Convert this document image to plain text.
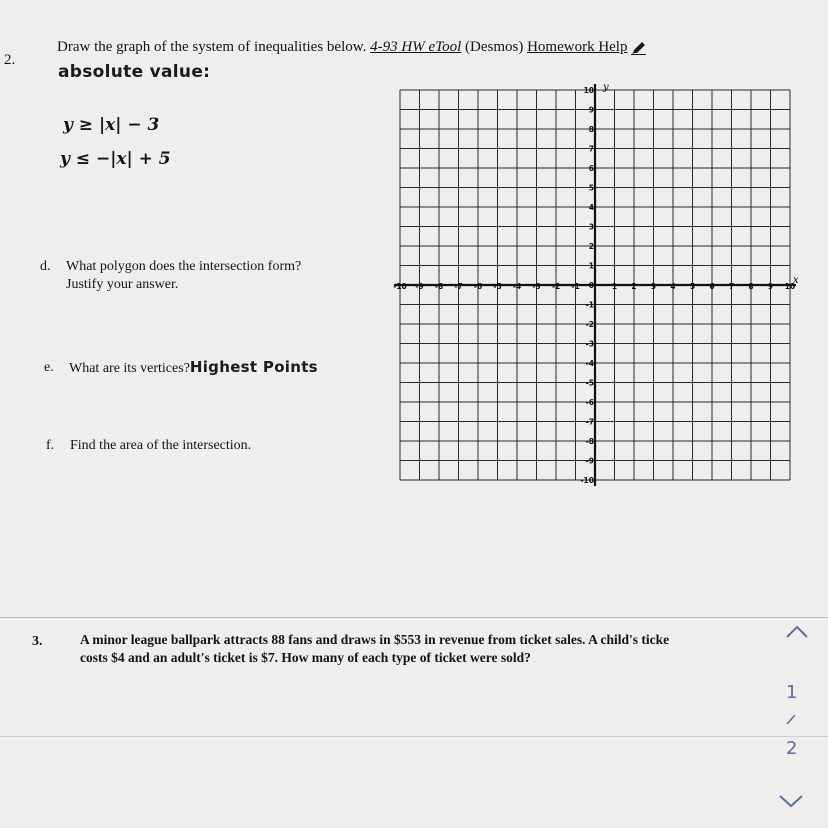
2.
Draw the graph of the system of inequalities below. 4-93 HW eTool (Desmos) Homework Help
absolute value:
y ≥ |x| − 3
y ≤ −|x| + 5
d. What polygon does the intersection form?
Justify your answer.
e. What are its vertices?Highest Points
f. Find the area of the intersection.
-10 -9 -8 -7 -6 -5 -4 -3 -2 -1	1 2 3 4 5 6 7 8 9 10
10
9
8
7
6
5
4
3
2
1
0
-1
-2
-3
-4
-5
-6
-7
-8
-9
-10
y
x
3.	A minor league ballpark attracts 88 fans and draws in $553 in revenue from ticket sales. A child's ticke
costs $4 and an adult's ticket is $7. How many of each type of ticket were sold?
1
2
